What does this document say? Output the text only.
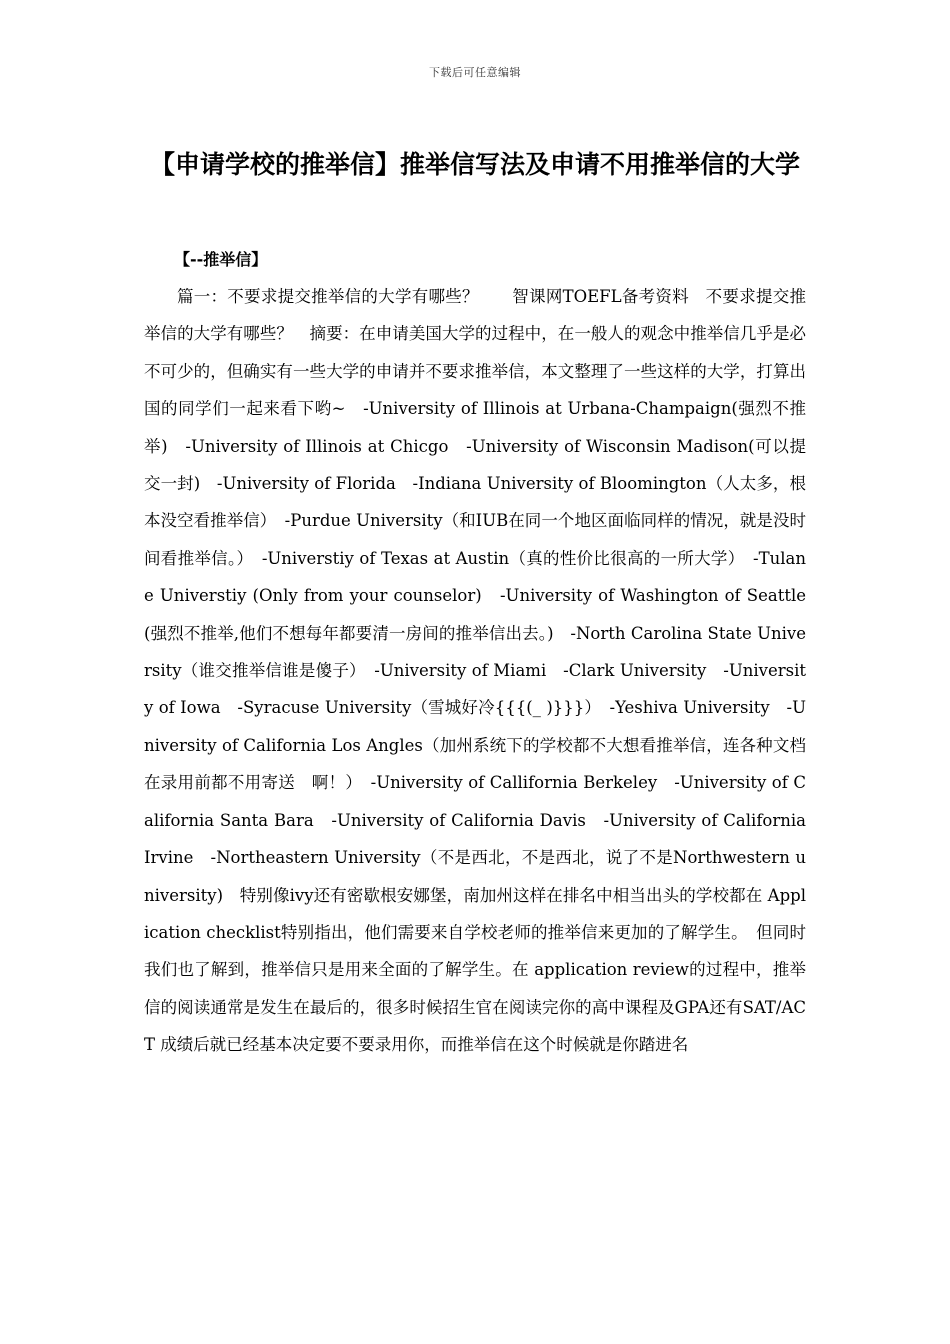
下载后可任意编辑
【申请学校的推举信】推举信写法及申请不用推举信的大学
【--推举信】

篇一：不要求提交推举信的大学有哪些？　　智课网TOEFL备考资料　不要求提交推举信的大学有哪些？　摘要：在申请美国大学的过程中，在一般人的观念中推举信几乎是必不可少的，但确实有一些大学的申请并不要求推举信，本文整理了一些这样的大学，打算出国的同学们一起来看下哟~　-University of Illinois at Urbana-Champaign(强烈不推举)　-University of Illinois at Chicgo　-University of Wisconsin Madison(可以提交一封)　-University of Florida　-Indiana University of Bloomington（人太多，根本没空看推举信）　-Purdue University（和IUB在同一个地区面临同样的情况，就是没时间看推举信。）　-Universtiy of Texas at Austin（真的性价比很高的一所大学）　-Tulane Universtiy (Only from your counselor)　-University of Washington of Seattle (强烈不推举,他们不想每年都要清一房间的推举信出去。)　-North Carolina State University（谁交推举信谁是傻子）　-University of Miami　-Clark University　-University of Iowa　-Syracuse University（雪城好冷{{{(_ )}}}）　-Yeshiva University　-University of California Los Angles（加州系统下的学校都不大想看推举信，连各种文档在录用前都不用寄送　啊！）　-University of Callifornia Berkeley　-University of California Santa Bara　-University of California Davis　-University of California Irvine　-Northeastern University（不是西北，不是西北，说了不是Northwestern university)　特别像ivy还有密歇根安娜堡，南加州这样在排名中相当出头的学校都在 Application checklist特别指出，他们需要来自学校老师的推举信来更加的了解学生。　但同时我们也了解到，推举信只是用来全面的了解学生。在 application review的过程中，推举信的阅读通常是发生在最后的，很多时候招生官在阅读完你的高中课程及GPA还有SAT/ACT 成绩后就已经基本决定要不要录用你，而推举信在这个时候就是你踏进名
